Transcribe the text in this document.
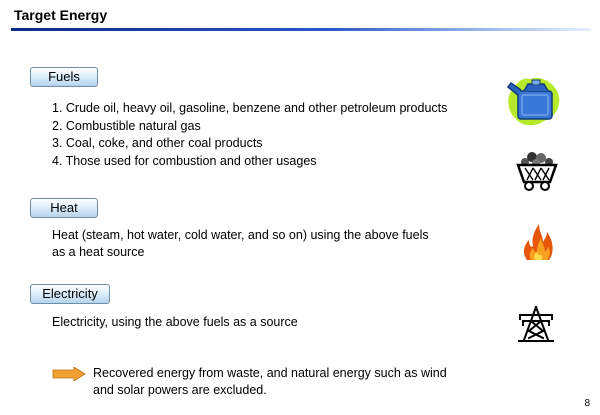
Target Energy
Fuels
1. Crude oil, heavy oil, gasoline, benzene and other petroleum products
2. Combustible natural gas
3. Coal, coke, and other coal products
4. Those used for combustion and other usages
Heat
Heat (steam, hot water, cold water, and so on) using the above fuels
as a heat source
Electricity
Electricity, using the above fuels as a source
Recovered energy from waste, and natural energy such as wind
and solar powers are excluded.
8
